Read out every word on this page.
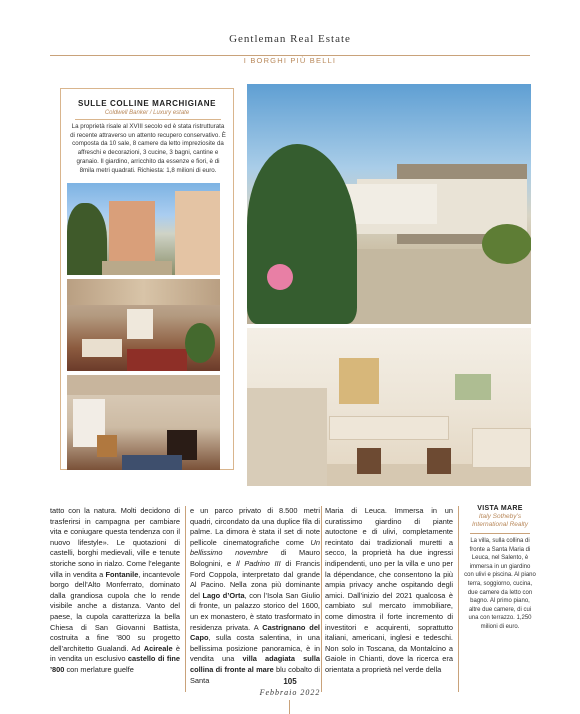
Gentleman Real Estate
I BORGHI PIÙ BELLI
SULLE COLLINE MARCHIGIANE
Coldwell Banker / Luxury estate
La proprietà risale al XVIII secolo ed è stata ristrutturata di recente attraverso un attento recupero conservativo. È composta da 10 sale, 8 camere da letto impreziosite da affreschi e decorazioni, 3 cucine, 3 bagni, cantine e granaio. Il giardino, arricchito da essenze e fiori, è di 8mila metri quadrati. Richiesta: 1,8 milioni di euro.
tatto con la natura. Molti decidono di trasferirsi in campagna per cambiare vita e coniugare questa tendenza con il nuovo lifestyle». Le quotazioni di castelli, borghi medievali, ville e tenute storiche sono in rialzo. Come l’elegante villa in vendita a Fontanile, incantevole borgo dell’Alto Monferrato, dominato dalla grandiosa cupola che lo rende visibile anche a distanza. Vanto del paese, la cupola caratterizza la bella Chiesa di San Giovanni Battista, costruita a fine ’800 su progetto dell’architetto Gualandi. Ad Acireale è in vendita un esclusivo castello di fine ’800 con merlature guelfe
e un parco privato di 8.500 metri quadri, circondato da una duplice fila di palme. La dimora è stata il set di note pellicole cinematografiche come Un bellissimo novembre di Mauro Bolognini, e Il Padrino III di Francis Ford Coppola, interpretato dal grande Al Pacino. Nella zona più dominante del Lago d’Orta, con l’Isola San Giulio di fronte, un palazzo storico del 1600, un ex monastero, è stato trasformato in residenza privata. A Castrignano del Capo, sulla costa salentina, in una bellissima posizione panoramica, è in vendita una villa adagiata sulla collina di fronte al mare blu cobalto di Santa
Maria di Leuca. Immersa in un curatissimo giardino di piante autoctone e di ulivi, completamente recintato dai tradizionali muretti a secco, la proprietà ha due ingressi indipendenti, uno per la villa e uno per la dépendance, che consentono la più ampia privacy anche ospitando degli amici. Dall’inizio del 2021 qualcosa è cambiato sul mercato immobiliare, come dimostra il forte incremento di investitori e acquirenti, soprattutto italiani, americani, inglesi e tedeschi. Non solo in Toscana, da Montalcino a Gaiole in Chianti, dove la ricerca era orientata a proprietà nel verde della
VISTA MARE
Italy Sotheby’s International Realty
La villa, sulla collina di fronte a Santa Maria di Leuca, nel Salento, è immersa in un giardino con ulivi e piscina. Al piano terra, soggiorno, cucina, due camere da letto con bagno. Al primo piano, altre due camere, di cui una con terrazzo. 1,250 milioni di euro.
105
Febbraio 2022
